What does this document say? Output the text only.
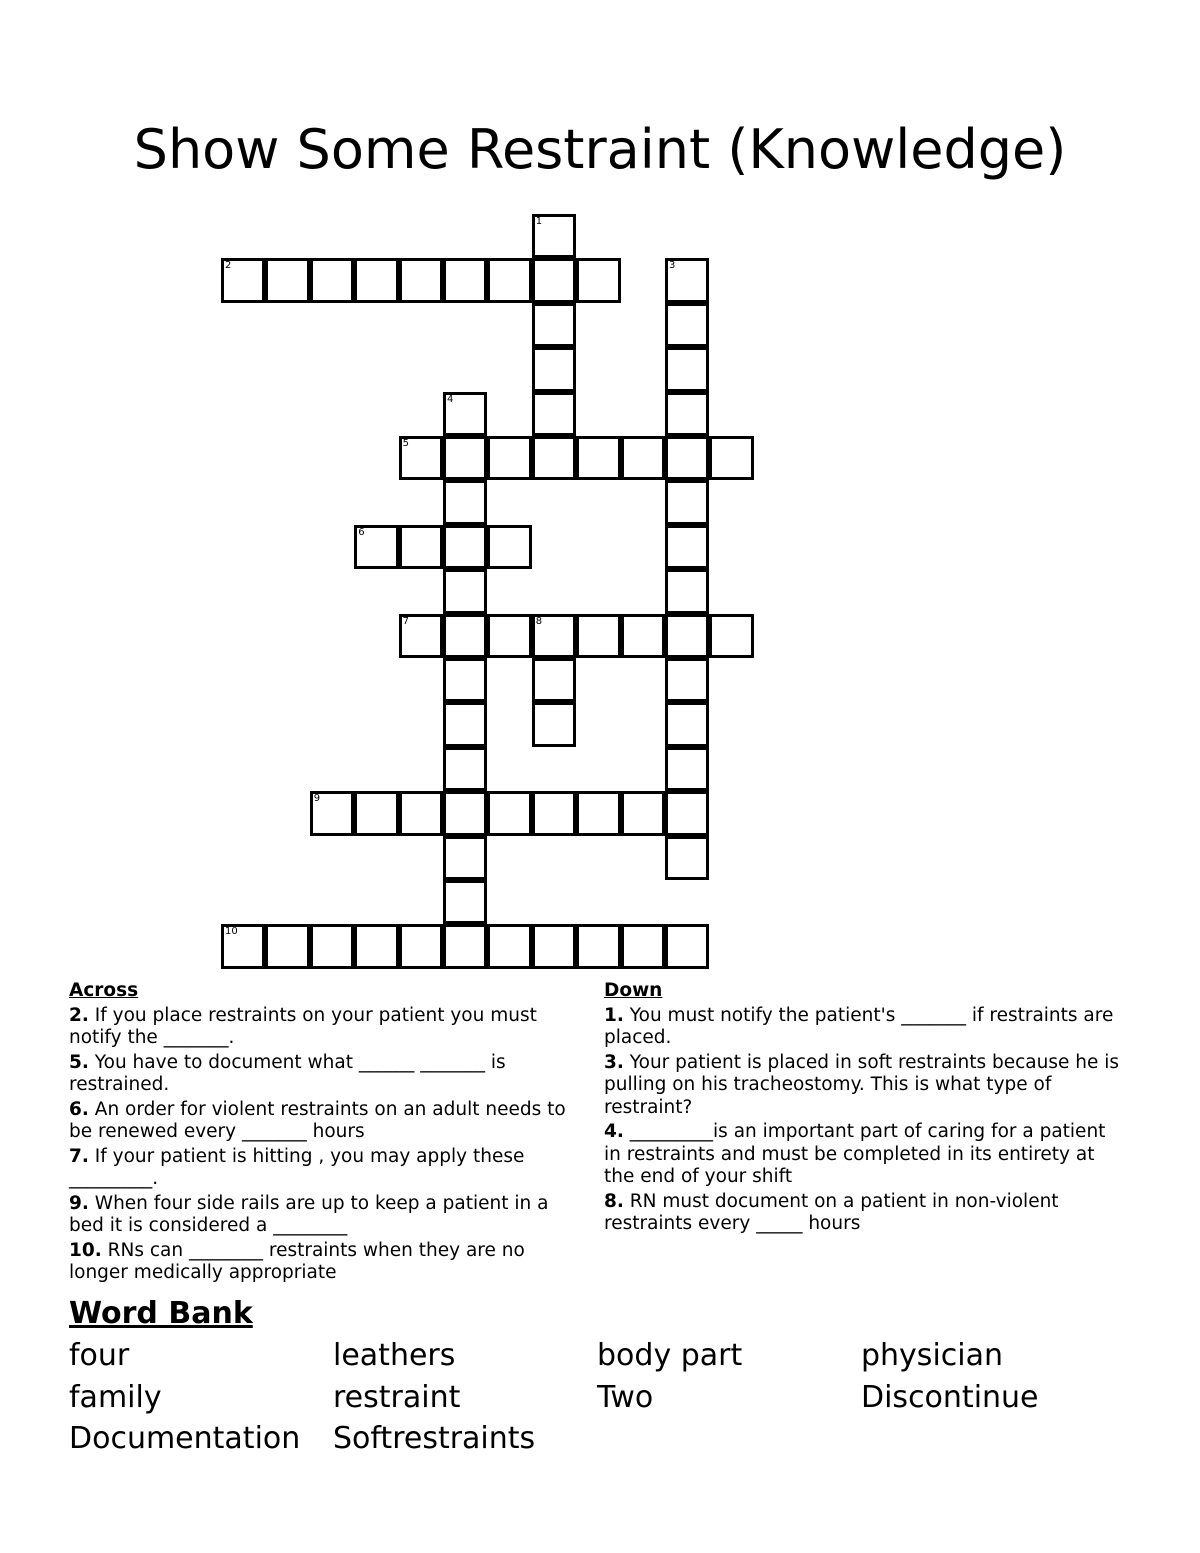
Show Some Restraint (Knowledge)
1
2	3
4
5
6
7	8
9
10
Across
2. If you place restraints on your patient you must notify the _______.
5. You have to document what ______ _______ is restrained.
6. An order for violent restraints on an adult needs to be renewed every _______ hours
7. If your patient is hitting , you may apply these _________.
9. When four side rails are up to keep a patient in a bed it is considered a ________
10. RNs can ________ restraints when they are no longer medically appropriate
Down
1. You must notify the patient's _______ if restraints are placed.
3. Your patient is placed in soft restraints because he is pulling on his tracheostomy. This is what type of restraint?
4. _________is an important part of caring for a patient in restraints and must be completed in its entirety at the end of your shift
8. RN must document on a patient in non-violent restraints every _____ hours
Word Bank
four	leathers	body part	physician
family	restraint	Two	Discontinue
Documentation	Softrestraints
